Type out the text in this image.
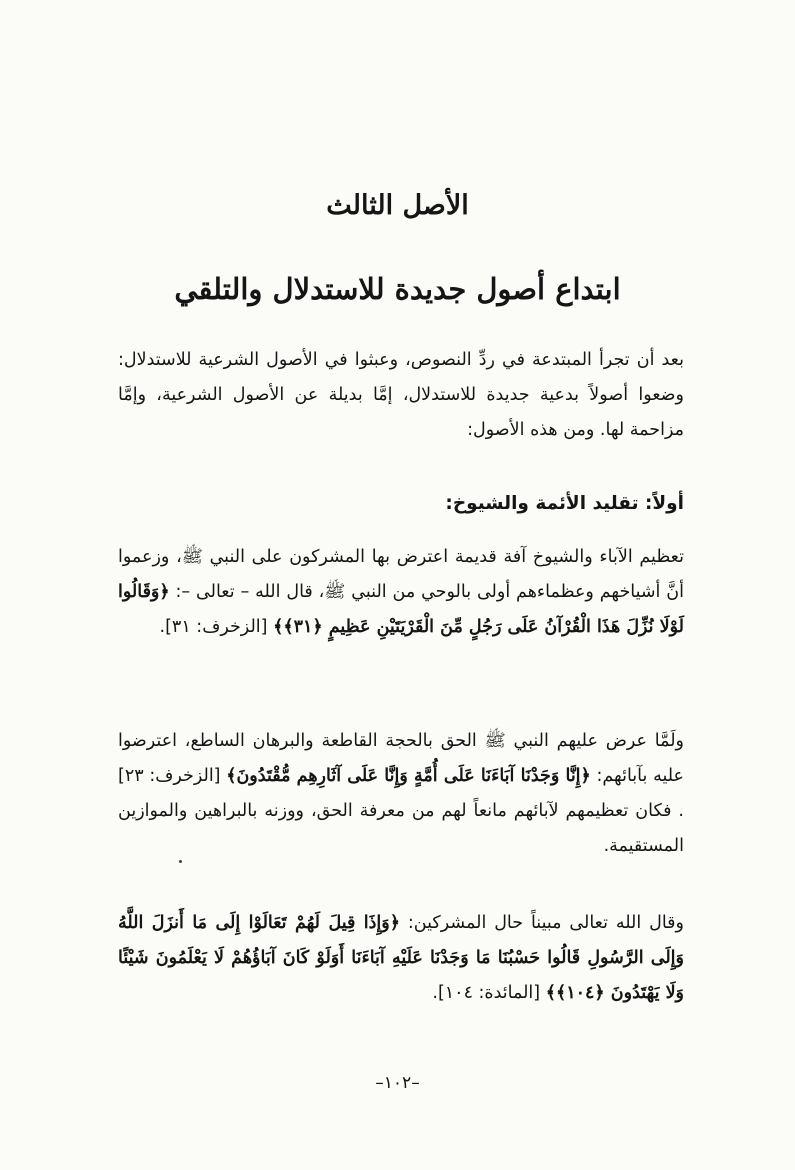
الأصل الثالث
ابتداع أصول جديدة للاستدلال والتلقي
بعد أن تجرأ المبتدعة في ردِّ النصوص، وعبثوا في الأصول الشرعية للاستدلال: وضعوا أصولاً بدعية جديدة للاستدلال، إمَّا بديلة عن الأصول الشرعية، وإمَّا مزاحمة لها. ومن هذه الأصول:
أولاً: تقليد الأئمة والشيوخ:
تعظيم الآباء والشيوخ آفة قديمة اعترض بها المشركون على النبي ﷺ، وزعموا أنَّ أشياخهم وعظماءهم أولى بالوحي من النبي ﷺ، قال الله – تعالى –: ﴿وَقَالُوا لَوْلَا نُزِّلَ هَذَا الْقُرْآنُ عَلَى رَجُلٍ مِّنَ الْقَرْيَتَيْنِ عَظِيمٍ ﴿٣١﴾﴾ [الزخرف: ٣١].
ولَمَّا عرض عليهم النبي ﷺ الحق بالحجة القاطعة والبرهان الساطع، اعترضوا عليه بآبائهم: ﴿إِنَّا وَجَدْنَا آبَاءَنَا عَلَى أُمَّةٍ وَإِنَّا عَلَى آثَارِهِم مُّقْتَدُونَ﴾ [الزخرف: ٢٣] . فكان تعظيمهم لآبائهم مانعاً لهم من معرفة الحق، ووزنه بالبراهين والموازين المستقيمة.
وقال الله تعالى مبيناً حال المشركين: ﴿وَإِذَا قِيلَ لَهُمْ تَعَالَوْا إِلَى مَا أَنزَلَ اللَّهُ وَإِلَى الرَّسُولِ قَالُوا حَسْبُنَا مَا وَجَدْنَا عَلَيْهِ آبَاءَنَا أَوَلَوْ كَانَ آبَاؤُهُمْ لَا يَعْلَمُونَ شَيْئًا وَلَا يَهْتَدُونَ ﴿١٠٤﴾﴾ [المائدة: ١٠٤].
–١٠٢–
